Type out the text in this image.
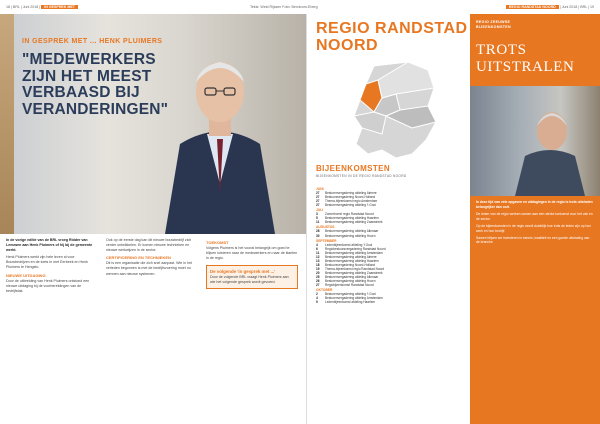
18 | BRL | Juni 2018 | IN GESPREK MET	Tekst: Weld Rijssen Foto: Berckrom-Eberg	REGIO RANDSTAD NOORD | Juni 2018 | BRL | 19
IN GESPREK MET ... HENK PLUIMERS
"MEDEWERKERS ZIJN HET MEEST VERBAASD BIJ VERANDERINGEN"

In de vorige editie van de BRL vroeg Ridder van Leeuwen aan Henk Pluimers of hij bij de gemeente werkt.

Henk Pluimers werkt zijn hele leven al voor Bouwbedrijven en de toets in met Eerbeek en Henk Pluimers te Hengelo.

NIEUWE UITDAGING

Door de uitbreiding van Henk Pluimers ontstond een nieuwe uitdaging bij de voorbereidingen van de bedrijfstak.

Ook op de eerste dag kan dit nieuwe bouwbedrijf zich verder ontwikkelen. Er komen nieuwe technieken en nieuwe werkwijzen in de sector.

CERTIFICERING EN TECHNIEKEN

Dit is een organisatie die zich snel aanpast. Wie in het verleden begonnen is met de bedrijfsvoering moet nu wennen aan nieuwe systemen.

TOEKOMST

Volgens Pluimers is het vooral belangrijk om goed te blijven luisteren naar de medewerkers en naar de klanten in de regio.

De volgende 'in gesprek met ...'
Door de volgende BRL vraagt Henk Pluimers aan wie het volgende gesprek wordt gevoerd.
REGIO RANDSTAD
NOORD
BIJEENKOMSTEN
BIJEENKOMSTEN IN DE REGIO RANDSTAD NOORD
JUNI
27	Besturenvergadering afdeling Almere
27	Bestuursvergadering Noord-Holland
27	Thema-bijeenkomst regio Amsterdam
27	Besturenvergadering afdeling 't Gooi
JULI
3	Zomerborrel regio Randstad Noord
5	Besturenvergadering afdeling Haarlem
11	Besturenvergadering afdeling Zaanstreek
AUGUSTUS
28	Besturenvergadering afdeling Alkmaar
30	Besturenvergadering afdeling Hoorn
SEPTEMBER
4	Ledenbijeenkomst afdeling 't Gooi
6	Regiobestuursvergadering Randstad Noord
11	Besturenvergadering afdeling Amsterdam
12	Besturenvergadering afdeling Almere
13	Besturenvergadering afdeling Haarlem
18	Bestuursvergadering Noord-Holland
19	Thema-bijeenkomst regio Randstad Noord
20	Besturenvergadering afdeling Zaanstreek
25	Besturenvergadering afdeling Alkmaar
26	Besturenvergadering afdeling Hoorn
27	Regiobijeenkomst Randstad Noord
OKTOBER
2	Besturenvergadering afdeling 't Gooi
4	Besturenvergadering afdeling Amsterdam
9	Ledenbijeenkomst afdeling Haarlem
REGIO ZEEUWSE
BIJEENKOMSTEN
TROTS
UITSTRALEN

In deze tijd van vele opgaven en uitdagingen in de regio is trots uitstralen belangrijker dan ooit.

De leden van de regio werken samen aan een sterke toekomst voor het vak en de sector.

Op de bijeenkomsten in de regio wordt duidelijk hoe trots de leden zijn op hun werk en hun bedrijf.

Samen blijven we investeren in kennis, kwaliteit en een goede uitstraling van de branche.
